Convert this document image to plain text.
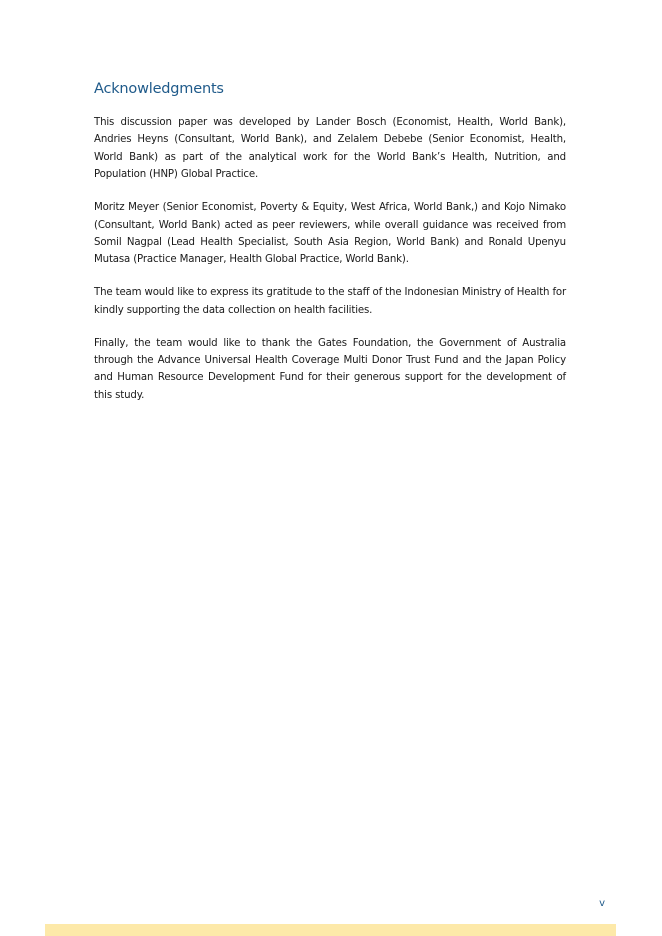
Acknowledgments

This discussion paper was developed by Lander Bosch (Economist, Health, World Bank), Andries Heyns (Consultant, World Bank), and Zelalem Debebe (Senior Economist, Health, World Bank) as part of the analytical work for the World Bank’s Health, Nutrition, and Population (HNP) Global Practice.

Moritz Meyer (Senior Economist, Poverty & Equity, West Africa, World Bank,) and Kojo Nimako (Consultant, World Bank) acted as peer reviewers, while overall guidance was received from Somil Nagpal (Lead Health Specialist, South Asia Region, World Bank) and Ronald Upenyu Mutasa (Practice Manager, Health Global Practice, World Bank).

The team would like to express its gratitude to the staff of the Indonesian Ministry of Health for kindly supporting the data collection on health facilities.

Finally, the team would like to thank the Gates Foundation, the Government of Australia through the Advance Universal Health Coverage Multi Donor Trust Fund and the Japan Policy and Human Resource Development Fund for their generous support for the development of this study.

v
